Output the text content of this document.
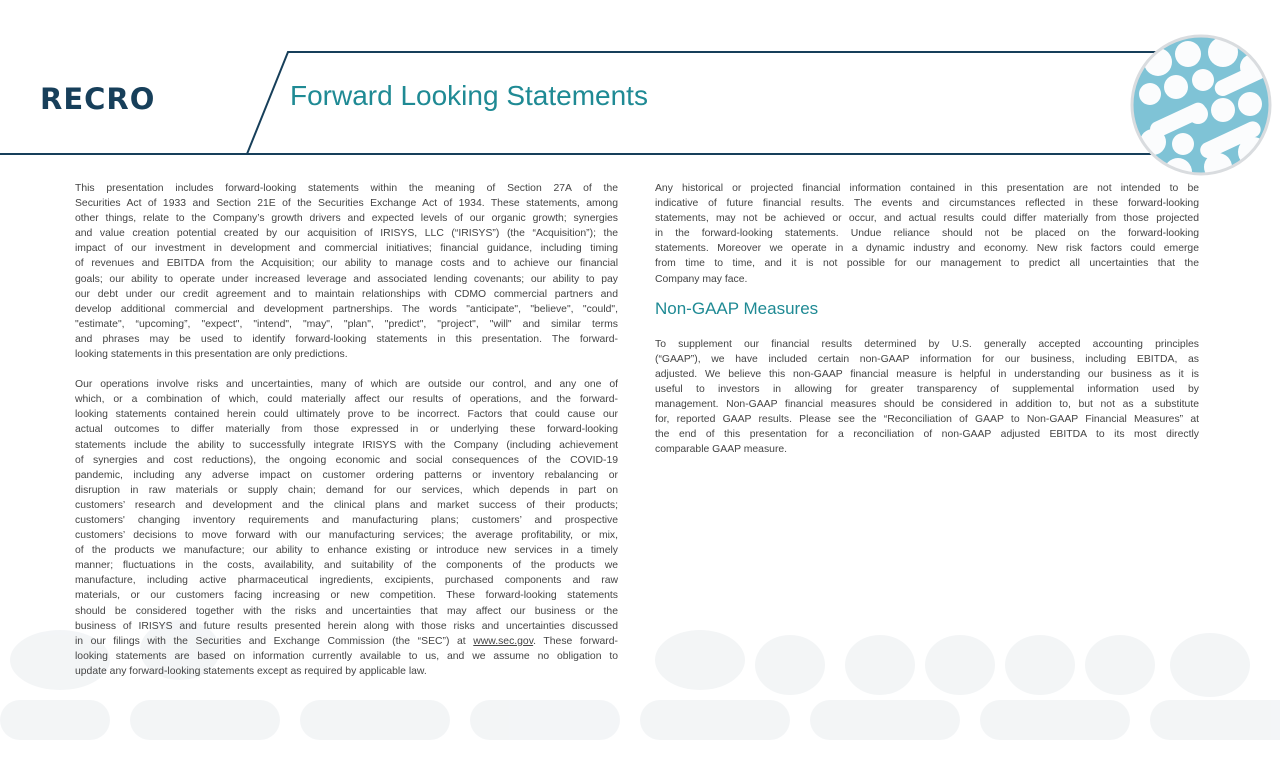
RECRO	Forward Looking Statements
This presentation includes forward-looking statements within the meaning of Section 27A of the
Securities Act of 1933 and Section 21E of the Securities Exchange Act of 1934. These statements, among
other things, relate to the Company’s growth drivers and expected levels of our organic growth; synergies
and value creation potential created by our acquisition of IRISYS, LLC (“IRISYS”) (the “Acquisition”); the
impact of our investment in development and commercial initiatives; financial guidance, including timing
of revenues and EBITDA from the Acquisition; our ability to manage costs and to achieve our financial
goals; our ability to operate under increased leverage and associated lending covenants; our ability to pay
our debt under our credit agreement and to maintain relationships with CDMO commercial partners and
develop additional commercial and development partnerships. The words "anticipate", "believe", "could",
"estimate", “upcoming”, "expect", "intend", "may", "plan", "predict", "project", "will" and similar terms
and phrases may be used to identify forward-looking statements in this presentation. The forward-
looking statements in this presentation are only predictions.
Our operations involve risks and uncertainties, many of which are outside our control, and any one of
which, or a combination of which, could materially affect our results of operations, and the forward-
looking statements contained herein could ultimately prove to be incorrect. Factors that could cause our
actual outcomes to differ materially from those expressed in or underlying these forward-looking
statements include the ability to successfully integrate IRISYS with the Company (including achievement
of synergies and cost reductions), the ongoing economic and social consequences of the COVID-19
pandemic, including any adverse impact on customer ordering patterns or inventory rebalancing or
disruption in raw materials or supply chain; demand for our services, which depends in part on
customers’ research and development and the clinical plans and market success of their products;
customers' changing inventory requirements and manufacturing plans; customers’ and prospective
customers’ decisions to move forward with our manufacturing services; the average profitability, or mix,
of the products we manufacture; our ability to enhance existing or introduce new services in a timely
manner; fluctuations in the costs, availability, and suitability of the components of the products we
manufacture, including active pharmaceutical ingredients, excipients, purchased components and raw
materials, or our customers facing increasing or new competition. These forward-looking statements
should be considered together with the risks and uncertainties that may affect our business or the
business of IRISYS and future results presented herein along with those risks and uncertainties discussed
in our filings with the Securities and Exchange Commission (the “SEC”) at www.sec.gov. These forward-
looking statements are based on information currently available to us, and we assume no obligation to
update any forward-looking statements except as required by applicable law.
Any historical or projected financial information contained in this presentation are not intended to be
indicative of future financial results. The events and circumstances reflected in these forward-looking
statements, may not be achieved or occur, and actual results could differ materially from those projected
in the forward-looking statements. Undue reliance should not be placed on the forward-looking
statements. Moreover we operate in a dynamic industry and economy. New risk factors could emerge
from time to time, and it is not possible for our management to predict all uncertainties that the
Company may face.
Non-GAAP Measures
To supplement our financial results determined by U.S. generally accepted accounting principles
(“GAAP”), we have included certain non-GAAP information for our business, including EBITDA, as
adjusted. We believe this non-GAAP financial measure is helpful in understanding our business as it is
useful to investors in allowing for greater transparency of supplemental information used by
management. Non-GAAP financial measures should be considered in addition to, but not as a substitute
for, reported GAAP results. Please see the “Reconciliation of GAAP to Non-GAAP Financial Measures” at
the end of this presentation for a reconciliation of non-GAAP adjusted EBITDA to its most directly
comparable GAAP measure.
